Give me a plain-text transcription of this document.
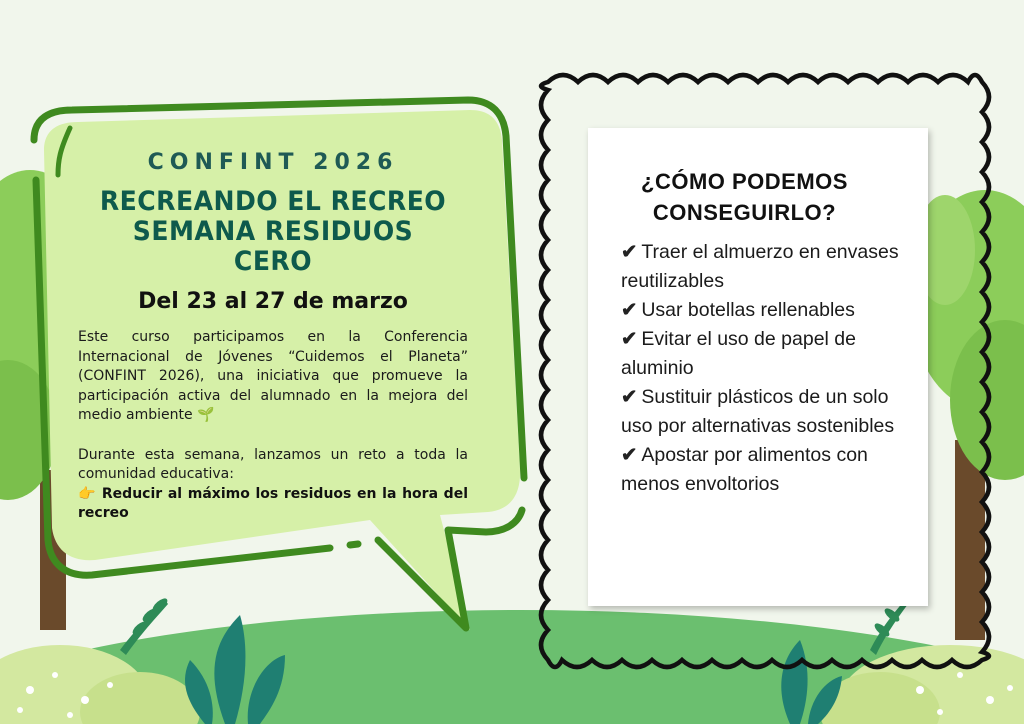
CONFINT 2026

RECREANDO EL RECREO

SEMANA RESIDUOS CERO

Del 23 al 27 de marzo

Este curso participamos en la Conferencia Internacional de Jóvenes “Cuidemos el Planeta” (CONFINT 2026), una iniciativa que promueve la participación activa del alumnado en la mejora del medio ambiente 🌱

Durante esta semana, lanzamos un reto a toda la comunidad educativa:

👉 Reducir al máximo los residuos en la hora del recreo

¿CÓMO PODEMOS
CONSEGUIRLO?
✔ Traer el almuerzo en envases reutilizables
✔ Usar botellas rellenables
✔ Evitar el uso de papel de aluminio
✔ Sustituir plásticos de un solo uso por alternativas sostenibles
✔ Apostar por alimentos con menos envoltorios
